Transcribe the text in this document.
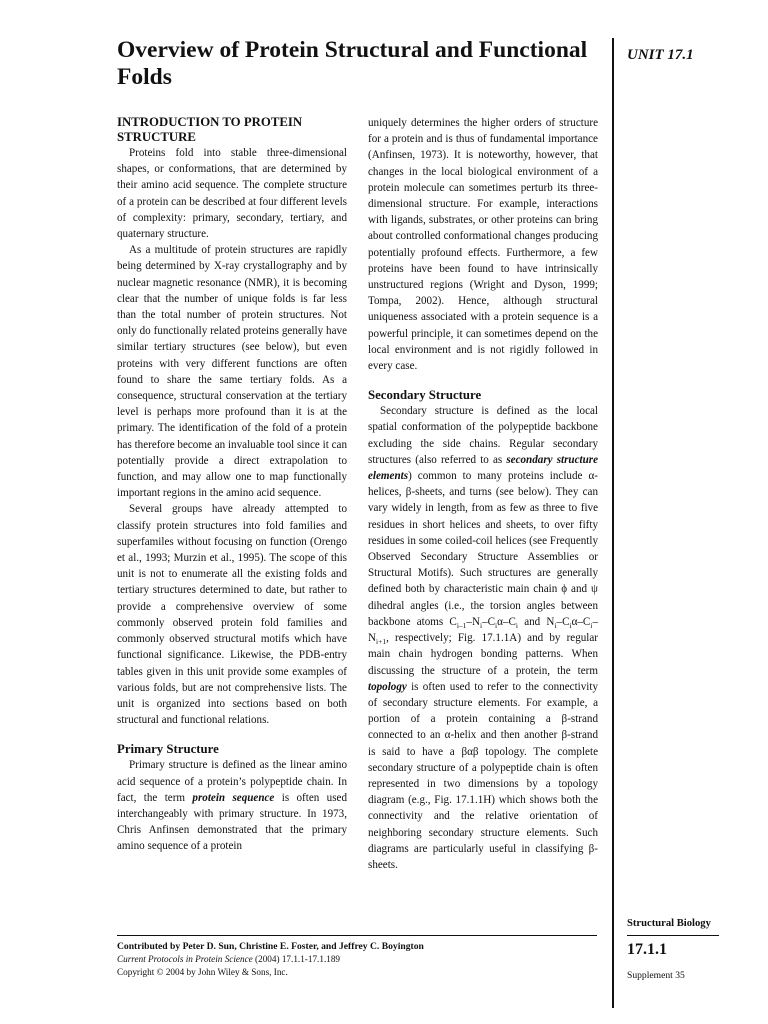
Overview of Protein Structural and Functional Folds
UNIT 17.1
INTRODUCTION TO PROTEIN STRUCTURE

Proteins fold into stable three-dimensional shapes, or conformations, that are determined by their amino acid sequence. The complete structure of a protein can be described at four different levels of complexity: primary, secondary, tertiary, and quaternary structure.

As a multitude of protein structures are rapidly being determined by X-ray crystallography and by nuclear magnetic resonance (NMR), it is becoming clear that the number of unique folds is far less than the total number of protein structures. Not only do functionally related proteins generally have similar tertiary structures (see below), but even proteins with very different functions are often found to share the same tertiary folds. As a consequence, structural conservation at the tertiary level is perhaps more profound than it is at the primary. The identification of the fold of a protein has therefore become an invaluable tool since it can potentially provide a direct extrapolation to function, and may allow one to map functionally important regions in the amino acid sequence.

Several groups have already attempted to classify protein structures into fold families and superfamiles without focusing on function (Orengo et al., 1993; Murzin et al., 1995). The scope of this unit is not to enumerate all the existing folds and tertiary structures determined to date, but rather to provide a comprehensive overview of some commonly observed protein fold families and commonly observed structural motifs which have functional significance. Likewise, the PDB-entry tables given in this unit provide some examples of various folds, but are not comprehensive lists. The unit is organized into sections based on both structural and functional relations.

Primary Structure

Primary structure is defined as the linear amino acid sequence of a protein’s polypeptide chain. In fact, the term protein sequence is often used interchangeably with primary structure. In 1973, Chris Anfinsen demonstrated that the primary amino sequence of a protein

uniquely determines the higher orders of structure for a protein and is thus of fundamental importance (Anfinsen, 1973). It is noteworthy, however, that changes in the local biological environment of a protein molecule can sometimes perturb its three-dimensional structure. For example, interactions with ligands, substrates, or other proteins can bring about controlled conformational changes producing potentially profound effects. Furthermore, a few proteins have been found to have intrinsically unstructured regions (Wright and Dyson, 1999; Tompa, 2002). Hence, although structural uniqueness associated with a protein sequence is a powerful principle, it can sometimes depend on the local environment and is not rigidly followed in every case.

Secondary Structure

Secondary structure is defined as the local spatial conformation of the polypeptide backbone excluding the side chains. Regular secondary structures (also referred to as secondary structure elements) common to many proteins include α-helices, β-sheets, and turns (see below). They can vary widely in length, from as few as three to five residues in short helices and sheets, to over fifty residues in some coiled-coil helices (see Frequently Observed Secondary Structure Assemblies or Structural Motifs). Such structures are generally defined both by characteristic main chain ϕ and ψ dihedral angles (i.e., the torsion angles between backbone atoms $C_{i-1}-N_i-C_i\alpha-C_i$ and $N_i-C_i\alpha-C_i-N_{i+1}$, respectively; Fig. 17.1.1A) and by regular main chain hydrogen bonding patterns. When discussing the structure of a protein, the term topology is often used to refer to the connectivity of secondary structure elements. For example, a portion of a protein containing a β-strand connected to an α-helix and then another β-strand is said to have a βαβ topology. The complete secondary structure of a polypeptide chain is often represented in two dimensions by a topology diagram (e.g., Fig. 17.1.1H) which shows both the connectivity and the relative orientation of neighboring secondary structure elements. Such diagrams are particularly useful in classifying β-sheets.

Contributed by Peter D. Sun, Christine E. Foster, and Jeffrey C. Boyington
Current Protocols in Protein Science (2004) 17.1.1-17.1.189
Copyright © 2004 by John Wiley & Sons, Inc.
Structural Biology
17.1.1
Supplement 35
